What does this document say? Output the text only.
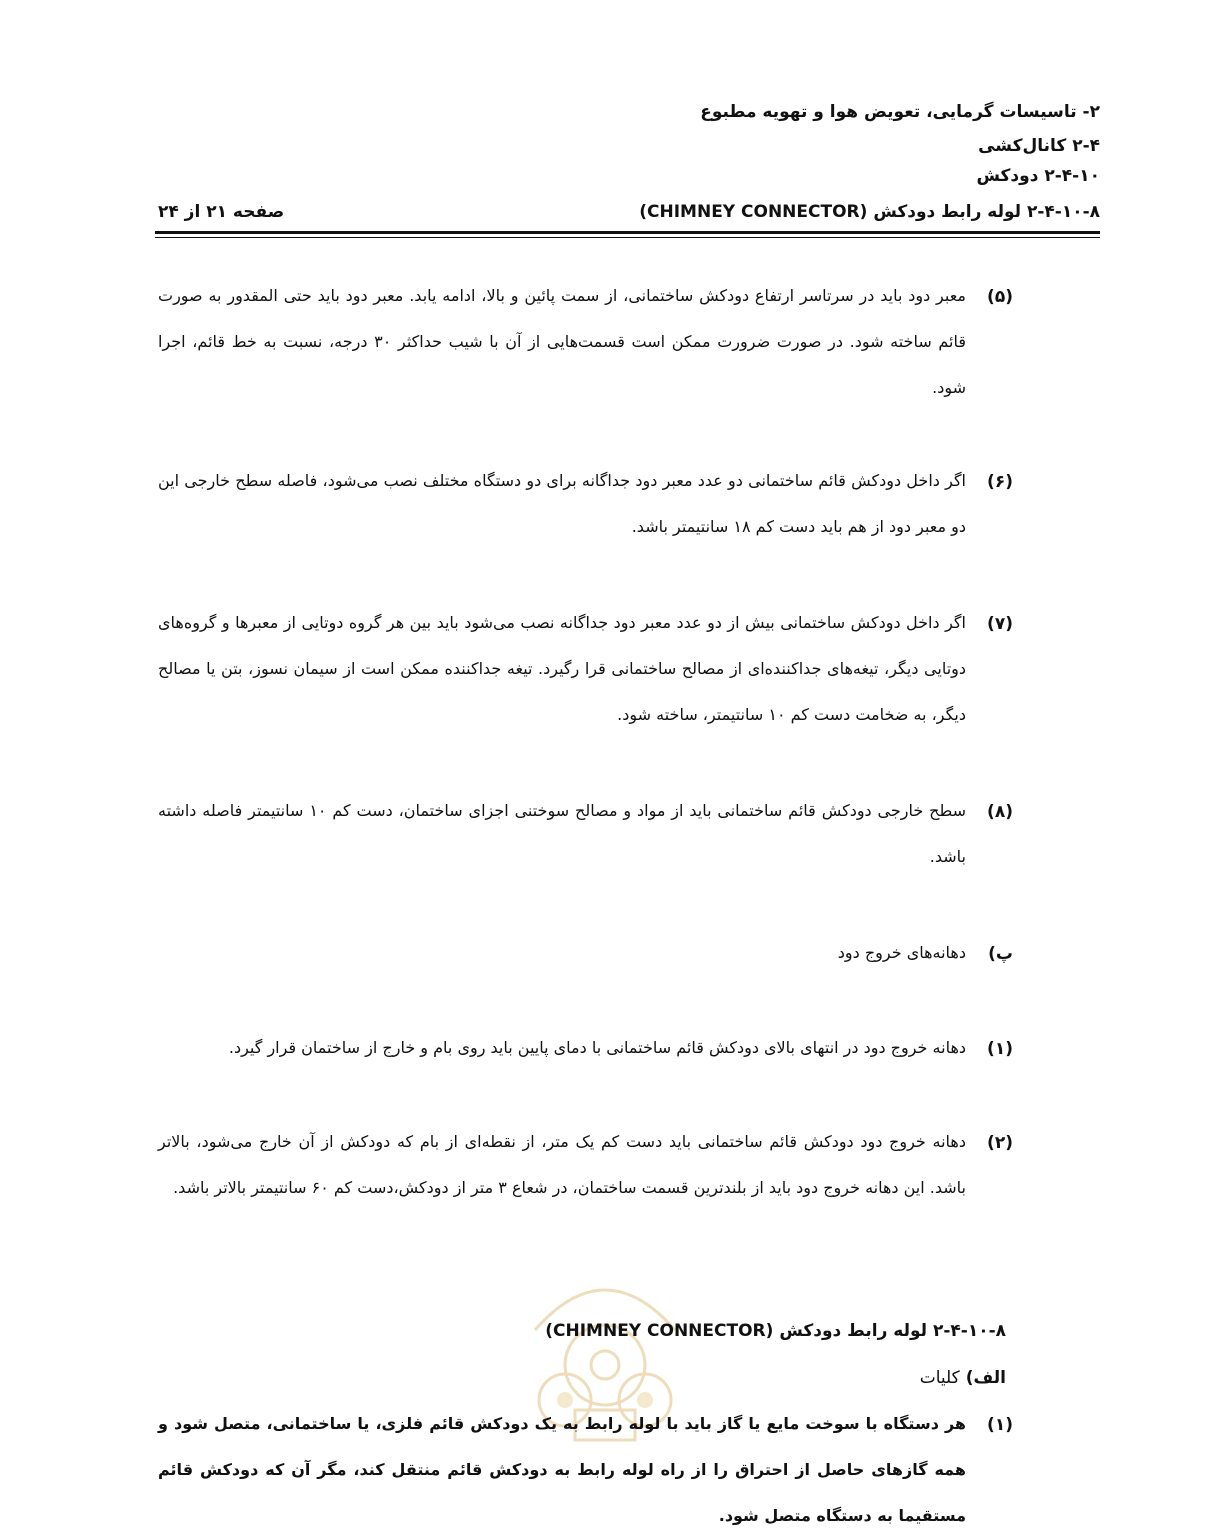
۲- تاسیسات گرمایی، تعویض هوا و تهویه مطبوع
۲-۴ کانال‌کشی
۲-۴-۱۰ دودکش
۲-۴-۱۰-۸ لوله رابط دودکش (CHIMNEY CONNECTOR)
صفحه ۲۱ از ۲۴
(۵)
معبر دود باید در سرتاسر ارتفاع دودکش ساختمانی، از سمت پائین و بالا، ادامه یابد. معبر دود باید حتی المقدور به صورت قائم ساخته شود. در صورت ضرورت ممکن است قسمت‌هایی از آن با شیب حداکثر ۳۰ درجه، نسبت به خط قائم، اجرا شود.
(۶)
اگر داخل دودکش قائم ساختمانی دو عدد معبر دود جداگانه برای دو دستگاه مختلف نصب می‌شود، فاصله سطح خارجی این دو معبر دود از هم باید دست کم ۱۸ سانتیمتر باشد.
(۷)
اگر داخل دودکش ساختمانی بیش از دو عدد معبر دود جداگانه نصب می‌شود باید بین هر گروه دوتایی از معبرها و گروه‌های دوتایی دیگر، تیغه‌های جداکننده‌ای از مصالح ساختمانی قرا رگیرد. تیغه جداکننده ممکن است از سیمان نسوز، بتن یا مصالح دیگر، به ضخامت دست کم ۱۰ سانتیمتر، ساخته شود.
(۸)
سطح خارجی دودکش قائم ساختمانی باید از مواد و مصالح سوختنی اجزای ساختمان، دست کم ۱۰ سانتیمتر فاصله داشته باشد.
پ)
دهانه‌های خروج دود
(۱)
دهانه خروج دود در انتهای بالای دودکش قائم ساختمانی با دمای پایین باید روی بام و خارج از ساختمان قرار گیرد.
(۲)
دهانه خروج دود دودکش قائم ساختمانی باید دست کم یک متر، از نقطه‌ای از بام که دودکش از آن خارج می‌شود، بالاتر باشد. این دهانه خروج دود باید از بلندترین قسمت ساختمان، در شعاع ۳ متر از دودکش،دست کم ۶۰ سانتیمتر بالاتر باشد.
۲-۴-۱۰-۸ لوله رابط دودکش (CHIMNEY CONNECTOR)
الف)کلیات
(۱)
هر دستگاه با سوخت مایع یا گاز باید با لوله رابط به یک دودکش قائم فلزی، یا ساختمانی، متصل شود و همه گازهای حاصل از احتراق را از راه لوله رابط به دودکش قائم منتقل کند، مگر آن که دودکش قائم مستقیما به دستگاه متصل شود.
